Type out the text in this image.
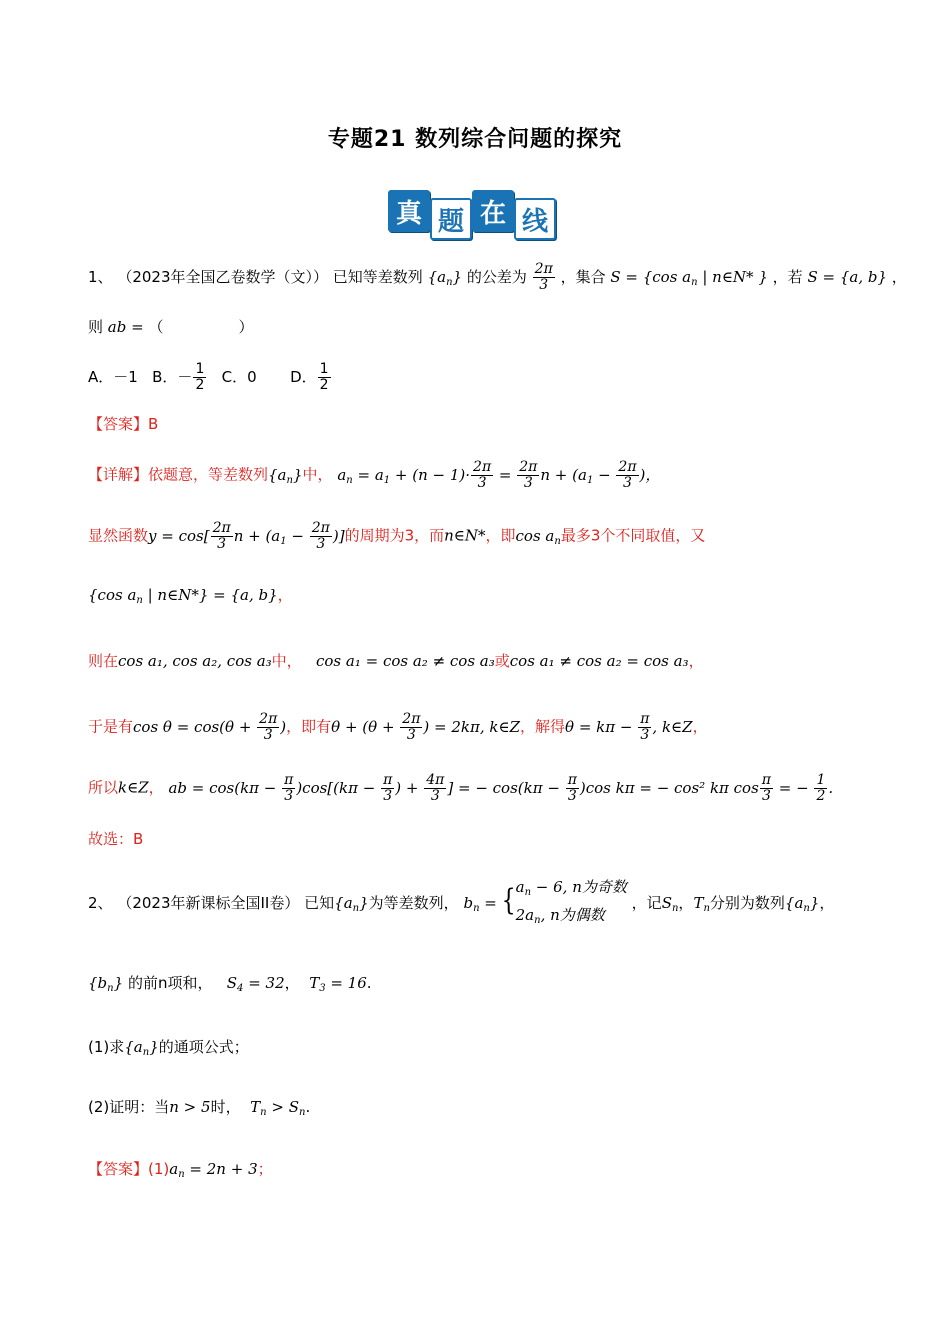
专题21 数列综合问题的探究
真 题 在 线
1、 （2023年全国乙卷数学（文）） 已知等差数列 $\{a_n\}$ 的公差为 $\frac{2\pi}{3}$ ，集合 S = {cos $a_n$ | n∈N* } ，若 S = {a, b} ，
则 ab = （　　　　　）
A．－1 B．－ $\frac{1}{2}$ C．0 D． $\frac{1}{2}$
【答案】B
【详解】依题意，等差数列$\{a_n\}$中， $a_n = a_1 + (n - 1)\cdot \frac{2\pi}{3} = \frac{2\pi}{3}$ $n + (a_1 - \frac{2\pi}{3}$ )，
显然函数$y = \cos[ \frac{2\pi}{3}$ $n + (a_1 - \frac{2\pi}{3}$ )]的周期为3，而n∈N*，即$\cos a_n$最多3个不同取值，又
{cos $a_n$ | n∈N*} = {a, b}，
则在cos a₁, cos a₂, cos a₃中， cos a₁ = cos a₂ ≠ cos a₃或cos a₁ ≠ cos a₂ = cos a₃，
于是有$\cos \theta = \cos(\theta + \frac{2\pi}{3}$ )，即有$\theta + (\theta + \frac{2\pi}{3}$ ) = 2kπ, k∈Z，解得$\theta = k\pi - \frac{\pi}{3}$ , k∈Z，
所以k∈Z， ab = $\cos(k\pi - \frac{\pi}{3} )\cos[(k\pi - \frac{\pi}{3}$ ) + $\frac{4\pi}{3}$ ] = − $\cos(k\pi - \frac{\pi}{3} )\cos$ kπ = − cos² kπ $\cos \frac{\pi}{3}$ = − $\frac{1}{2}$ .
故选：B
2、 （2023年新课标全国II卷） 已知$\{a_n\}$为等差数列， $b_n$ = { $a_n - 6$, n为奇数
$2a_n$, n为偶数
，记$S_n$，$T_n$分别为数列$\{a_n\}$，
$\{b_n\}$ 的前n项和， $S_4 = 32$， $T_3 = 16$.
(1)求$\{a_n\}$的通项公式；
(2)证明：当n > 5时， $T_n > S_n$.
【答案】$(1)a_n = 2n + 3$；
